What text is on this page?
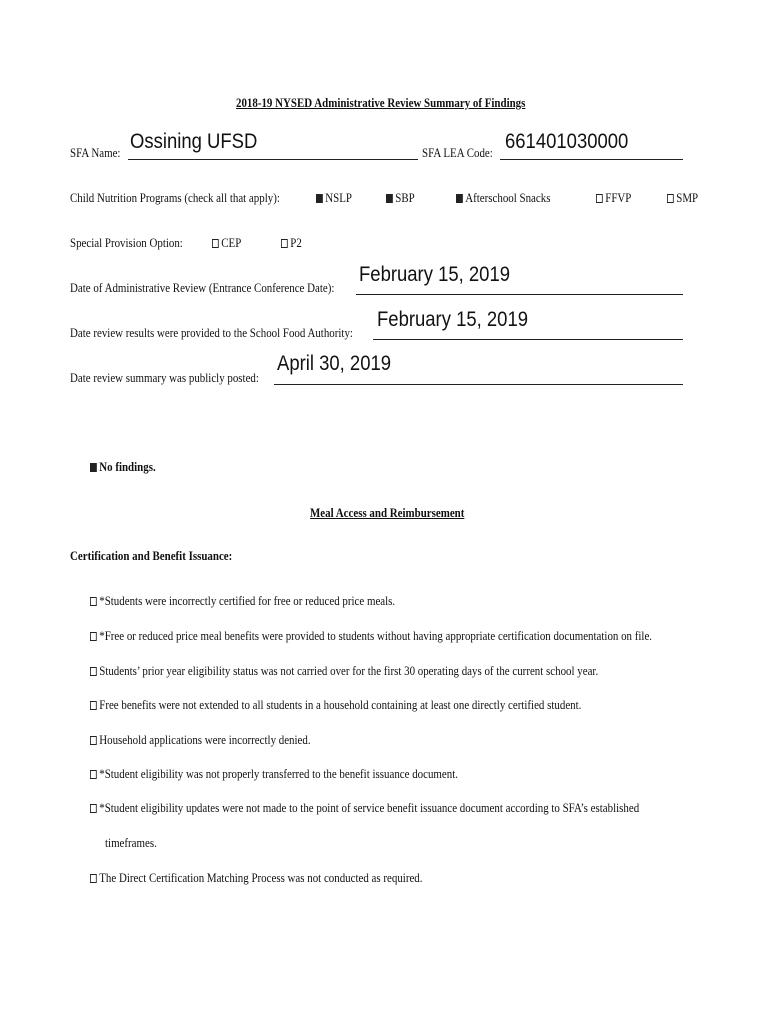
2018-19 NYSED Administrative Review Summary of Findings
SFA Name: Ossining UFSD	SFA LEA Code: 661401030000
Child Nutrition Programs (check all that apply):	NSLP	SBP	Afterschool Snacks	FFVP	SMP
Special Provision Option:	CEP	P2
Date of Administrative Review (Entrance Conference Date):
February 15, 2019
Date review results were provided to the School Food Authority:
February 15, 2019
Date review summary was publicly posted:
April 30, 2019
No findings.
Meal Access and Reimbursement
Certification and Benefit Issuance:
*Students were incorrectly certified for free or reduced price meals.
*Free or reduced price meal benefits were provided to students without having appropriate certification documentation on file.
Students’ prior year eligibility status was not carried over for the first 30 operating days of the current school year.
Free benefits were not extended to all students in a household containing at least one directly certified student.
Household applications were incorrectly denied.
*Student eligibility was not properly transferred to the benefit issuance document.
*Student eligibility updates were not made to the point of service benefit issuance document according to SFA’s established
timeframes.
The Direct Certification Matching Process was not conducted as required.
